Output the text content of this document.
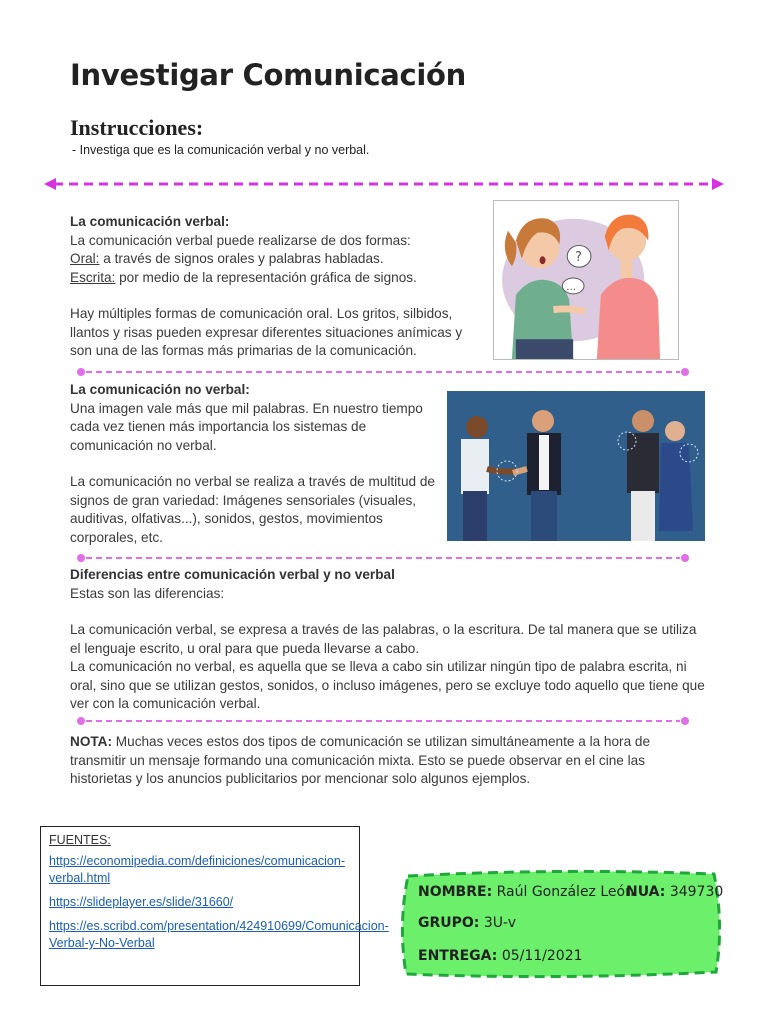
Investigar Comunicación
Instrucciones:
- Investiga que es la comunicación verbal y no verbal.
La comunicación verbal:
La comunicación verbal puede realizarse de dos formas:
Oral: a través de signos orales y palabras habladas.
Escrita: por medio de la representación gráfica de signos.
Hay múltiples formas de comunicación oral. Los gritos, silbidos, llantos y risas pueden expresar diferentes situaciones anímicas y son una de las formas más primarias de la comunicación.
?
…
La comunicación no verbal:
Una imagen vale más que mil palabras. En nuestro tiempo cada vez tienen más importancia los sistemas de comunicación no verbal.
La comunicación no verbal se realiza a través de multitud de signos de gran variedad: Imágenes sensoriales (visuales, auditivas, olfativas...), sonidos, gestos, movimientos corporales, etc.
Diferencias entre comunicación verbal y no verbal
Estas son las diferencias:
La comunicación verbal, se expresa a través de las palabras, o la escritura. De tal manera que se utiliza el lenguaje escrito, u oral para que pueda llevarse a cabo.
La comunicación no verbal, es aquella que se lleva a cabo sin utilizar ningún tipo de palabra escrita, ni oral, sino que se utilizan gestos, sonidos, o incluso imágenes, pero se excluye todo aquello que tiene que ver con la comunicación verbal.
NOTA: Muchas veces estos dos tipos de comunicación se utilizan simultáneamente a la hora de transmitir un mensaje formando una comunicación mixta. Esto se puede observar en el cine las historietas y los anuncios publicitarios por mencionar solo algunos ejemplos.
FUENTES:
https://economipedia.com/definiciones/comunicacion-verbal.html
https://slideplayer.es/slide/31660/
https://es.scribd.com/presentation/424910699/Comunicacion-Verbal-y-No-Verbal
NOMBRE: Raúl González León
NUA: 349730
GRUPO: 3U-v
ENTREGA: 05/11/2021
